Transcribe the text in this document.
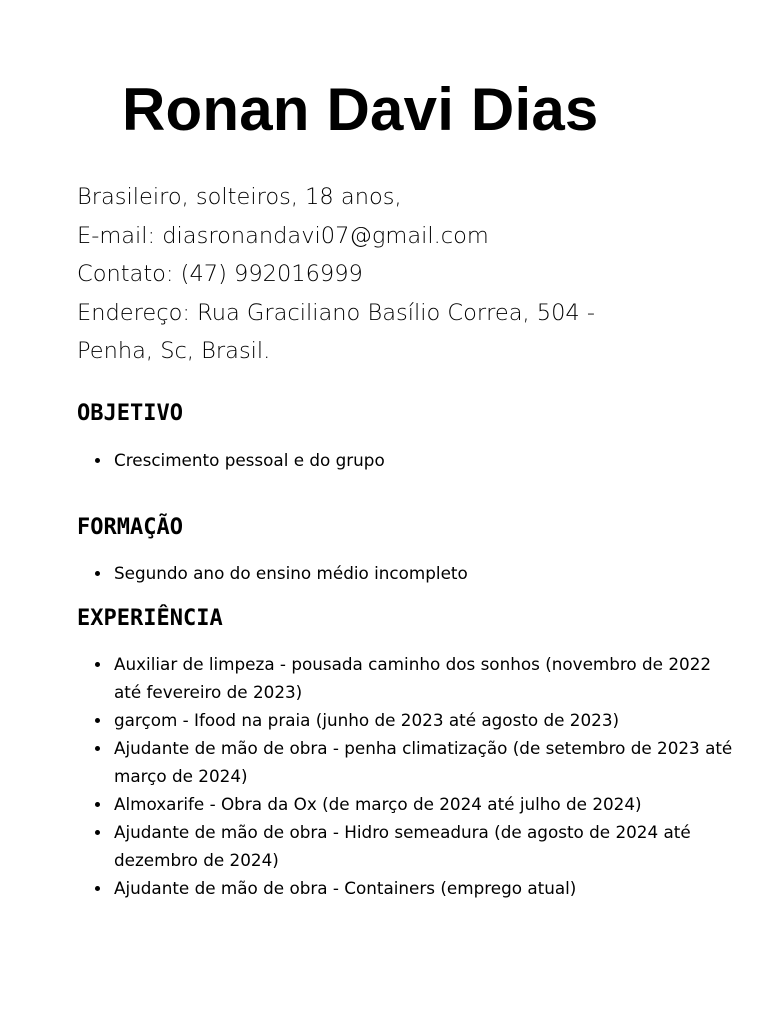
Ronan Davi Dias
Brasileiro, solteiros, 18 anos,
E-mail: diasronandavi07@gmail.com
Contato: (47) 992016999
Endereço: Rua Graciliano Basílio Correa, 504 -
Penha, Sc, Brasil.
OBJETIVO
Crescimento pessoal e do grupo
FORMAÇÃO
Segundo ano do ensino médio incompleto
EXPERIÊNCIA
Auxiliar de limpeza - pousada caminho dos sonhos (novembro de 2022 até fevereiro de 2023)
garçom - Ifood na praia (junho de 2023 até agosto de 2023)
Ajudante de mão de obra - penha climatização (de setembro de 2023 até março de 2024)
Almoxarife - Obra da Ox (de março de 2024 até julho de 2024)
Ajudante de mão de obra - Hidro semeadura (de agosto de 2024 até dezembro de 2024)
Ajudante de mão de obra - Containers (emprego atual)
